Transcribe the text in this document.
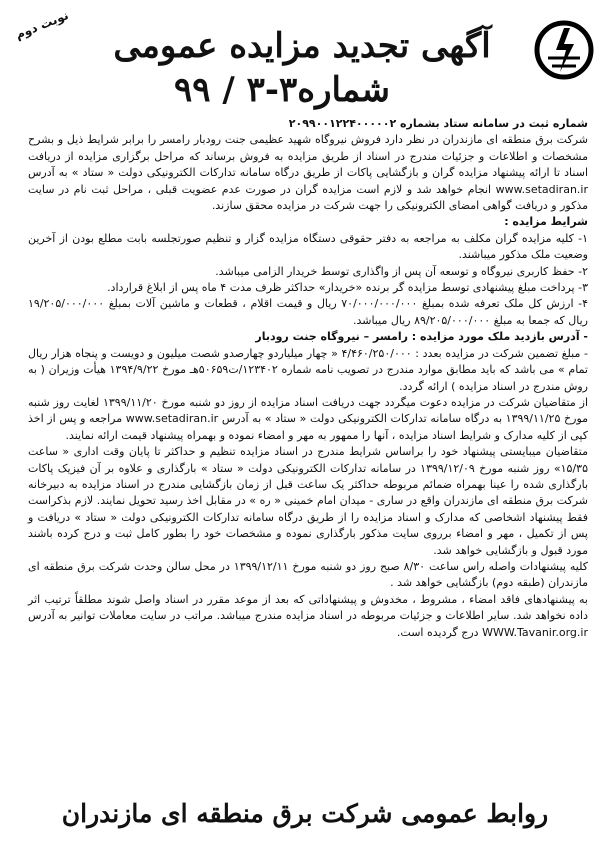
نوبت دوم
آگهی تجدید مزایده عمومی
شماره۳-۳ / ۹۹

شماره ثبت در سامانه ستاد بشماره ۲۰۹۹۰۰۱۲۲۴۰۰۰۰۰۲

شرکت برق منطقه ای مازندران در نظر دارد فروش نیروگاه شهید عظیمی جنت رودبار رامسر را برابر شرایط ذیل و بشرح مشخصات و اطلاعات و جزئیات مندرج در اسناد از طریق مزایده به فروش برساند که مراحل برگزاری مزایده از دریافت اسناد تا ارائه پیشنهاد مزایده گران و بازگشایی پاکات از طریق درگاه سامانه تدارکات الکترونیکی دولت « ستاد » به آدرس www.setadiran.ir انجام خواهد شد و لازم است مزایده گران در صورت عدم عضویت قبلی ، مراحل ثبت نام در سایت مذکور و دریافت گواهی امضای الکترونیکی را جهت شرکت در مزایده محقق سازند.

شرایط مزایده :

۱- کلیه مزایده گران مکلف به مراجعه به دفتر حقوقی دستگاه مزایده گزار و تنظیم صورتجلسه بابت مطلع بودن از آخرین وضعیت ملک مذکور میباشند.

۲- حفظ کاربری نیروگاه و توسعه آن پس از واگذاری توسط خریدار الزامی میباشد.

۳- پرداخت مبلغ پیشنهادی توسط مزایده گر برنده «خریدار» حداکثر ظرف مدت ۴ ماه پس از ابلاغ قرارداد.

۴- ارزش کل ملک تعرفه شده بمبلغ ۷۰/۰۰۰/۰۰۰/۰۰۰ ریال و قیمت اقلام ، قطعات و ماشین آلات بمبلغ ۱۹/۲۰۵/۰۰۰/۰۰۰ ریال که جمعا به مبلغ ۸۹/۲۰۵/۰۰۰/۰۰۰ ریال میباشد.

- آدرس بازدید ملک مورد مزایده : رامسر – نیروگاه جنت رودبار

- مبلغ تضمین شرکت در مزایده بعدد : ۴/۴۶۰/۲۵۰/۰۰۰ « چهار میلیاردو چهارصدو شصت میلیون و دویست و پنجاه هزار ریال تمام » می باشد که باید مطابق موارد مندرج در تصویب نامه شماره ۱۲۳۴۰۲/ت۵۰۶۵۹هـ مورخ ۱۳۹۴/۹/۲۲ هیأت وزیران ( به روش مندرج در اسناد مزایده ) ارائه گردد.

از متقاضیان شرکت در مزایده دعوت میگردد جهت دریافت اسناد مزایده از روز دو شنبه مورخ ۱۳۹۹/۱۱/۲۰ لغایت روز شنبه مورخ ۱۳۹۹/۱۱/۲۵ به درگاه سامانه تدارکات الکترونیکی دولت « ستاد » به آدرس www.setadiran.ir مراجعه و پس از اخذ کپی از کلیه مدارک و شرایط اسناد مزایده ، آنها را ممهور به مهر و امضاء نموده و بهمراه پیشنهاد قیمت ارائه نمایند.

متقاضیان میبایستی پیشنهاد خود را براساس شرایط مندرج در اسناد مزایده تنظیم و حداکثر تا پایان وقت اداری « ساعت ۱۵/۳۵» روز شنبه مورخ ۱۳۹۹/۱۲/۰۹ در سامانه تدارکات الکترونیکی دولت « ستاد » بارگذاری و علاوه بر آن فیزیک پاکات بارگذاری شده را عینا بهمراه ضمائم مربوطه حداکثر یک ساعت قبل از زمان بازگشایی مندرج در اسناد مزایده به دبیرخانه شرکت برق منطقه ای مازندران واقع در ساری - میدان امام خمینی « ره » در مقابل اخذ رسید تحویل نمایند. لازم بذکراست فقط پیشنهاد اشخاصی که مدارک و اسناد مزایده را از طریق درگاه سامانه تدارکات الکترونیکی دولت « ستاد » دریافت و پس از تکمیل ، مهر و امضاء برروی سایت مذکور بارگذاری نموده و مشخصات خود را بطور کامل ثبت و درج کرده باشند مورد قبول و بازگشایی خواهد شد.

کلیه پیشنهادات واصله راس ساعت ۸/۳۰ صبح روز دو شنبه مورخ ۱۳۹۹/۱۲/۱۱ در محل سالن وحدت شرکت برق منطقه ای مازندران (طبقه دوم) بازگشایی خواهد شد .

به پیشنهادهای فاقد امضاء ، مشروط ، مخدوش و پیشنهاداتی که بعد از موعد مقرر در اسناد واصل شوند مطلقاً ترتیب اثر داده نخواهد شد. سایر اطلاعات و جزئیات مربوطه در اسناد مزایده مندرج میباشد. مراتب در سایت معاملات توانیر به آدرس WWW.Tavanir.org.ir درج گردیده است.

روابط عمومی شرکت برق منطقه ای مازندران
